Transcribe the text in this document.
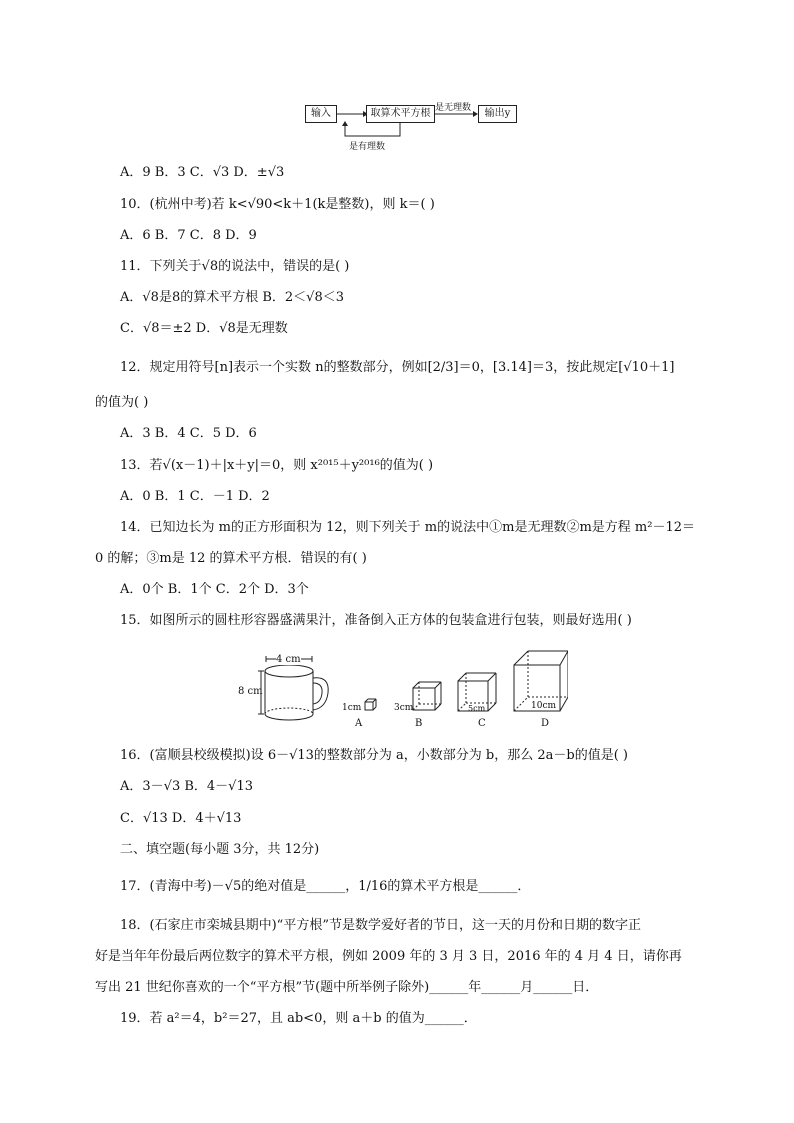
输入	取算术平方根	输出y
是无理数
是有理数
A．9 B．3 C．√3 D．±√3
10．(杭州中考)若 k<√90<k＋1(k是整数)，则 k＝( )
A．6 B．7 C．8 D．9
11．下列关于√8的说法中，错误的是( )
A．√8是8的算术平方根 B．2＜√8＜3
C．√8＝±2 D．√8是无理数
12．规定用符号[n]表示一个实数 n的整数部分，例如[2/3]＝0，[3.14]＝3，按此规定[√10＋1]
的值为( )
A．3 B．4 C．5 D．6
13．若√(x－1)＋|x＋y|＝0，则 x²⁰¹⁵＋y²⁰¹⁶的值为( )
A．0 B．1 C．－1 D．2
14．已知边长为 m的正方形面积为 12，则下列关于 m的说法中①m是无理数②m是方程 m²－12＝
0 的解；③m是 12 的算术平方根．错误的有( )
A．0个 B．1个 C．2个 D．3个
15．如图所示的圆柱形容器盛满果汁，准备倒入正方体的包装盒进行包装，则最好选用( )
4 cm
8 cm
1cm
A
3cm
B
5cm
C
10cm
D
16．(富顺县校级模拟)设 6－√13的整数部分为 a，小数部分为 b，那么 2a－b的值是( )
A．3－√3 B．4－√13
C．√13 D．4＋√13
二、填空题(每小题 3分，共 12分)
17．(青海中考)－√5的绝对值是______，1/16的算术平方根是______．
18．(石家庄市栾城县期中)“平方根”节是数学爱好者的节日，这一天的月份和日期的数字正
好是当年年份最后两位数字的算术平方根，例如 2009 年的 3 月 3 日，2016 年的 4 月 4 日，请你再
写出 21 世纪你喜欢的一个“平方根”节(题中所举例子除外)______年______月______日．
19．若 a²＝4，b²＝27，且 ab<0，则 a＋b 的值为______．
